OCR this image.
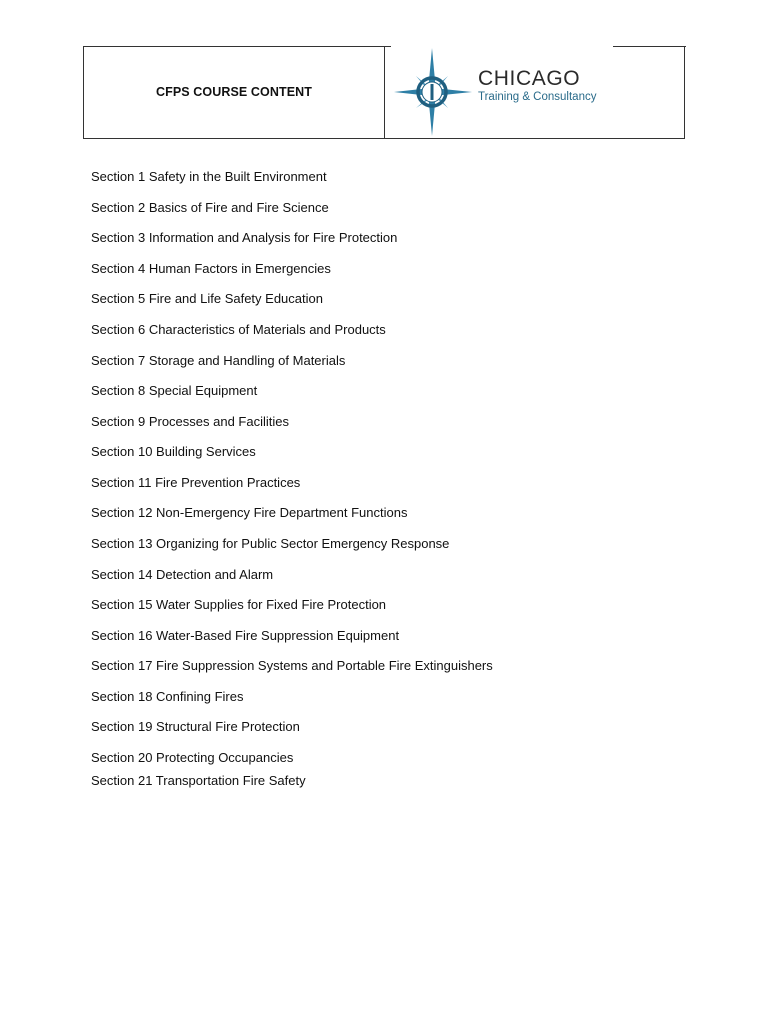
CFPS COURSE CONTENT
CHICAGO
Training & Consultancy
Section 1 Safety in the Built Environment
Section 2 Basics of Fire and Fire Science
Section 3 Information and Analysis for Fire Protection
Section 4 Human Factors in Emergencies
Section 5 Fire and Life Safety Education
Section 6 Characteristics of Materials and Products
Section 7 Storage and Handling of Materials
Section 8 Special Equipment
Section 9 Processes and Facilities
Section 10 Building Services
Section 11 Fire Prevention Practices
Section 12 Non-Emergency Fire Department Functions
Section 13 Organizing for Public Sector Emergency Response
Section 14 Detection and Alarm
Section 15 Water Supplies for Fixed Fire Protection
Section 16 Water-Based Fire Suppression Equipment
Section 17 Fire Suppression Systems and Portable Fire Extinguishers
Section 18 Confining Fires
Section 19 Structural Fire Protection
Section 20 Protecting Occupancies
Section 21 Transportation Fire Safety
